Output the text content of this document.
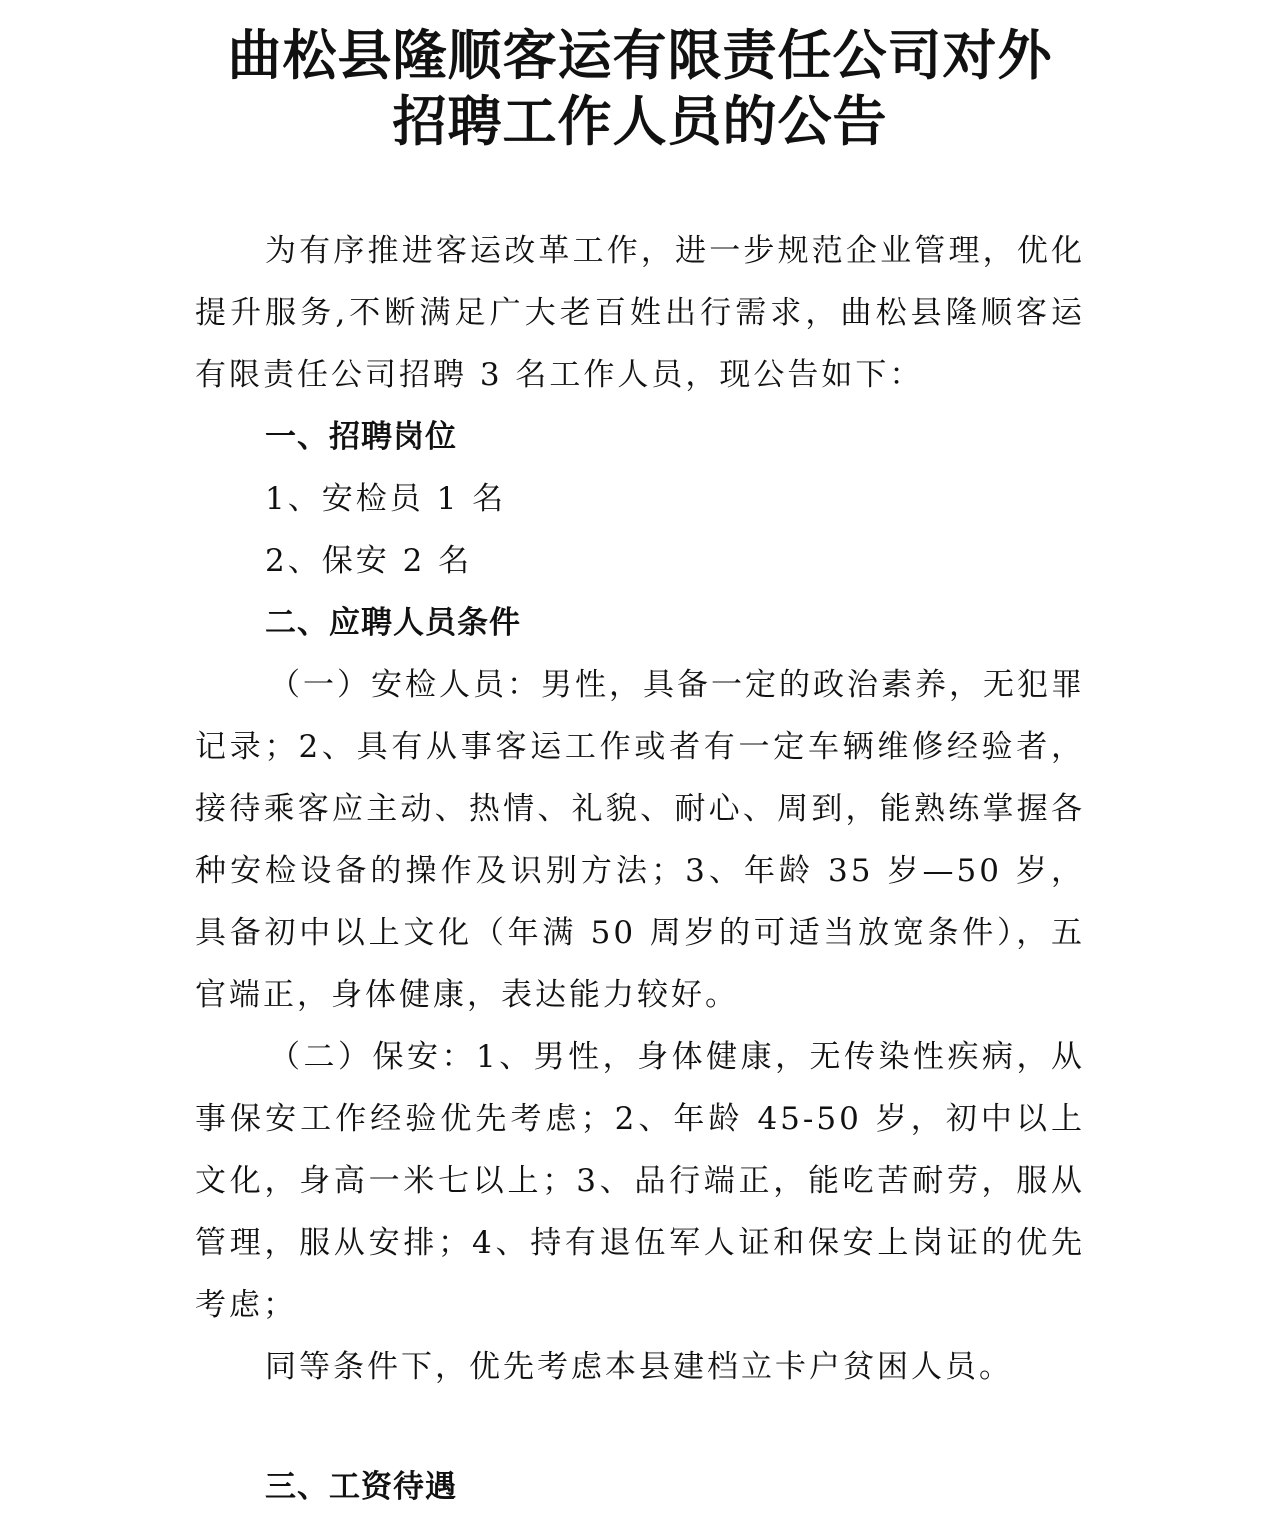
曲松县隆顺客运有限责任公司对外
招聘工作人员的公告

为有序推进客运改革工作，进一步规范企业管理，优化提升服务,不断满足广大老百姓出行需求，曲松县隆顺客运有限责任公司招聘 3 名工作人员，现公告如下：

一、招聘岗位

1、安检员 1 名

2、保安 2 名

二、应聘人员条件

（一）安检人员：男性，具备一定的政治素养，无犯罪记录；2、具有从事客运工作或者有一定车辆维修经验者，接待乘客应主动、热情、礼貌、耐心、周到，能熟练掌握各种安检设备的操作及识别方法；3、年龄 35 岁—50 岁，具备初中以上文化（年满 50 周岁的可适当放宽条件），五官端正，身体健康，表达能力较好。

（二）保安：1、男性，身体健康，无传染性疾病，从事保安工作经验优先考虑；2、年龄 45-50 岁，初中以上文化，身高一米七以上；3、品行端正，能吃苦耐劳，服从管理，服从安排；4、持有退伍军人证和保安上岗证的优先考虑；

同等条件下，优先考虑本县建档立卡户贫困人员。

三、工资待遇
